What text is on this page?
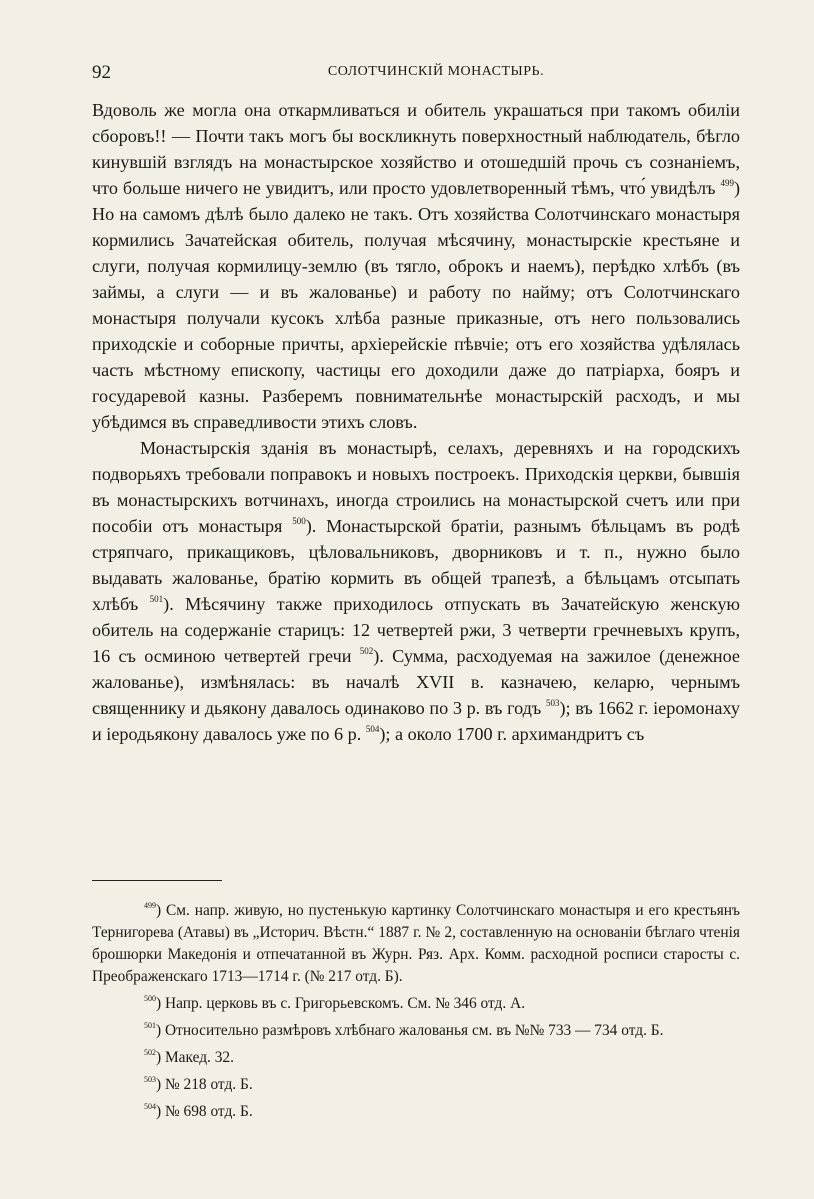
92	СОЛОТЧИНСКІЙ МОНАСТЫРЬ.

Вдоволь же могла она откармливаться и обитель украшаться при такомъ обиліи сборовъ!! — Почти такъ могъ бы воскликнуть поверхностный наблюдатель, бѣгло кинувшій взглядъ на монастырское хозяйство и отошедшій прочь съ сознаніемъ, что больше ничего не увидитъ, или просто удовлетворенный тѣмъ, что́ увидѣлъ $^{499}$) Но на самомъ дѣлѣ было далеко не такъ. Отъ хозяйства Солотчинскаго монастыря кормились Зачатейская обитель, получая мѣсячину, монастырскіе крестьяне и слуги, получая кормилицу-землю (въ тягло, оброкъ и наемъ), перѣдко хлѣбъ (въ займы, а слуги — и въ жалованье) и работу по найму; отъ Солотчинскаго монастыря получали кусокъ хлѣба разные приказные, отъ него пользовались приходскіе и соборные причты, архіерейскіе пѣвчіе; отъ его хозяйства удѣлялась часть мѣстному епископу, частицы его доходили даже до патріарха, бояръ и государевой казны. Разберемъ повнимательнѣе монастырскій расходъ, и мы убѣдимся въ справедливости этихъ словъ.

Монастырскія зданія въ монастырѣ, селахъ, деревняхъ и на городскихъ подворьяхъ требовали поправокъ и новыхъ построекъ. Приходскія церкви, бывшія въ монастырскихъ вотчинахъ, иногда строились на монастырской счетъ или при пособіи отъ монастыря $^{500}$). Монастырской братіи, разнымъ бѣльцамъ въ родѣ стряпчаго, прикащиковъ, цѣловальниковъ, дворниковъ и т. п., нужно было выдавать жалованье, братію кормить въ общей трапезѣ, а бѣльцамъ отсыпать хлѣбъ $^{501}$). Мѣсячину также приходилось отпускать въ Зачатейскую женскую обитель на содержаніе старицъ: 12 четвертей ржи, 3 четверти гречневыхъ крупъ, 16 съ осминою четвертей гречи $^{502}$). Сумма, расходуемая на зажилое (денежное жалованье), измѣнялась: въ началѣ XVII в. казначею, келарю, чернымъ священнику и дьякону давалось одинаково по 3 р. въ годъ $^{503}$); въ 1662 г. іеромонаху и іеродьякону давалось уже по 6 р. $^{504}$); а около 1700 г. архимандритъ съ

$^{499}$) См. напр. живую, но пустенькую картинку Солотчинскаго монастыря и его крестьянъ Тернигорева (Атавы) въ „Историч. Вѣстн.“ 1887 г. № 2, составленную на основаніи бѣглаго чтенія брошюрки Македонія и отпечатанной въ Журн. Ряз. Арх. Комм. расходной росписи старосты с. Преображенскаго 1713—1714 г. (№ 217 отд. Б).

$^{500}$) Напр. церковь въ с. Григорьевскомъ. См. № 346 отд. А.

$^{501}$) Относительно размѣровъ хлѣбнаго жалованья см. въ №№ 733 — 734 отд. Б.

$^{502}$) Макед. 32.

$^{503}$) № 218 отд. Б.

$^{504}$) № 698 отд. Б.
